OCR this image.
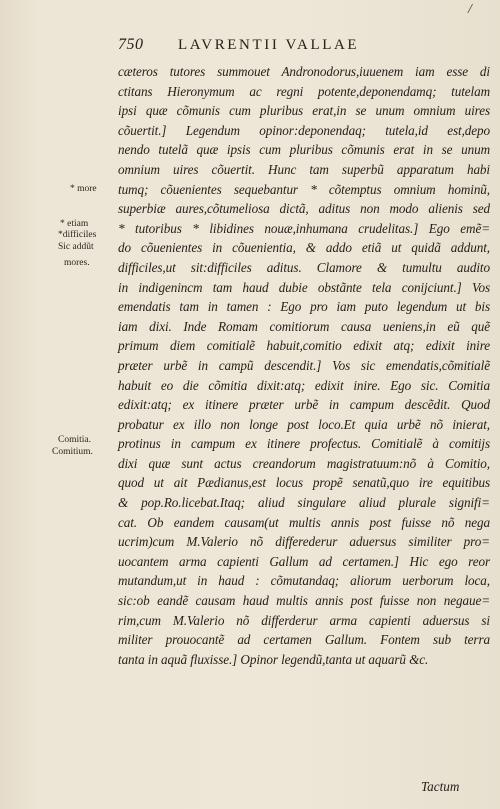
/
750 LAVRENTII VALLAE
cæteros tutores summouet Andronodorus,iuuenem iam esse di
ctitans Hieronymum ac regni potente,deponendamq; tutelam
ipsi quæ cõmunis cum pluribus erat,in se unum omnium uires
cõuertit.] Legendum opinor:deponendaq; tutela,id est,depo
nendo tutelã quæ ipsis cum pluribus cõmunis erat in se unum
omnium uires cõuertit. Hunc tam superbũ apparatum habi
tumq; cõuenientes sequebantur * cõtemptus omnium hominũ,
superbiæ aures,cõtumeliosa dictã, aditus non modo alienis sed
* tutoribus * libidines nouæ,inhumana crudelitas.] Ego emẽ=
do cõuenientes in cõuenientia, & addo etiã ut quidã addunt,
difficiles,ut sit:difficiles aditus. Clamore & tumultu audito
in indigenincm tam haud dubie obstãnte tela conijciunt.] Vos
emendatis tam in tamen : Ego pro iam puto legendum ut bis
iam dixi. Inde Romam comitiorum causa ueniens,in eũ quẽ
primum diem comitialẽ habuit,comitio edixit atq; edixit inire
præter urbẽ in campũ descendit.] Vos sic emendatis,cõmitialẽ
habuit eo die cõmitia dixit:atq; edixit inire. Ego sic. Comitia
edixit:atq; ex itinere præter urbẽ in campum descẽdit. Quod
probatur ex illo non longe post loco.Et quia urbẽ nõ inierat,
protinus in campum ex itinere profectus. Comitialẽ à comitijs
dixi quæ sunt actus creandorum magistratuum:nõ à Comitio,
quod ut ait Pædianus,est locus propẽ senatũ,quo ire equitibus
& pop.Ro.licebat.Itaq; aliud singulare aliud plurale signifi=
cat. Ob eandem causam(ut multis annis post fuisse nõ nega
ucrim)cum M.Valerio nõ differederur aduersus similiter pro=
uocantem arma capienti Gallum ad certamen.] Hic ego reor
mutandum,ut in haud : cõmutandaq; aliorum uerborum loca,
sic:ob eandẽ causam haud multis annis post fuisse non negaue=
rim,cum M.Valerio nõ differderur arma capienti aduersus si
militer prouocantẽ ad certamen Gallum. Fontem sub terra
tanta in aquã fluxisse.] Opinor legendũ,tanta ut aquarũ &c.
Tactum
* more
* etiam
*difficiles
Sic addũt
mores.
Comitia.
Comitium.
